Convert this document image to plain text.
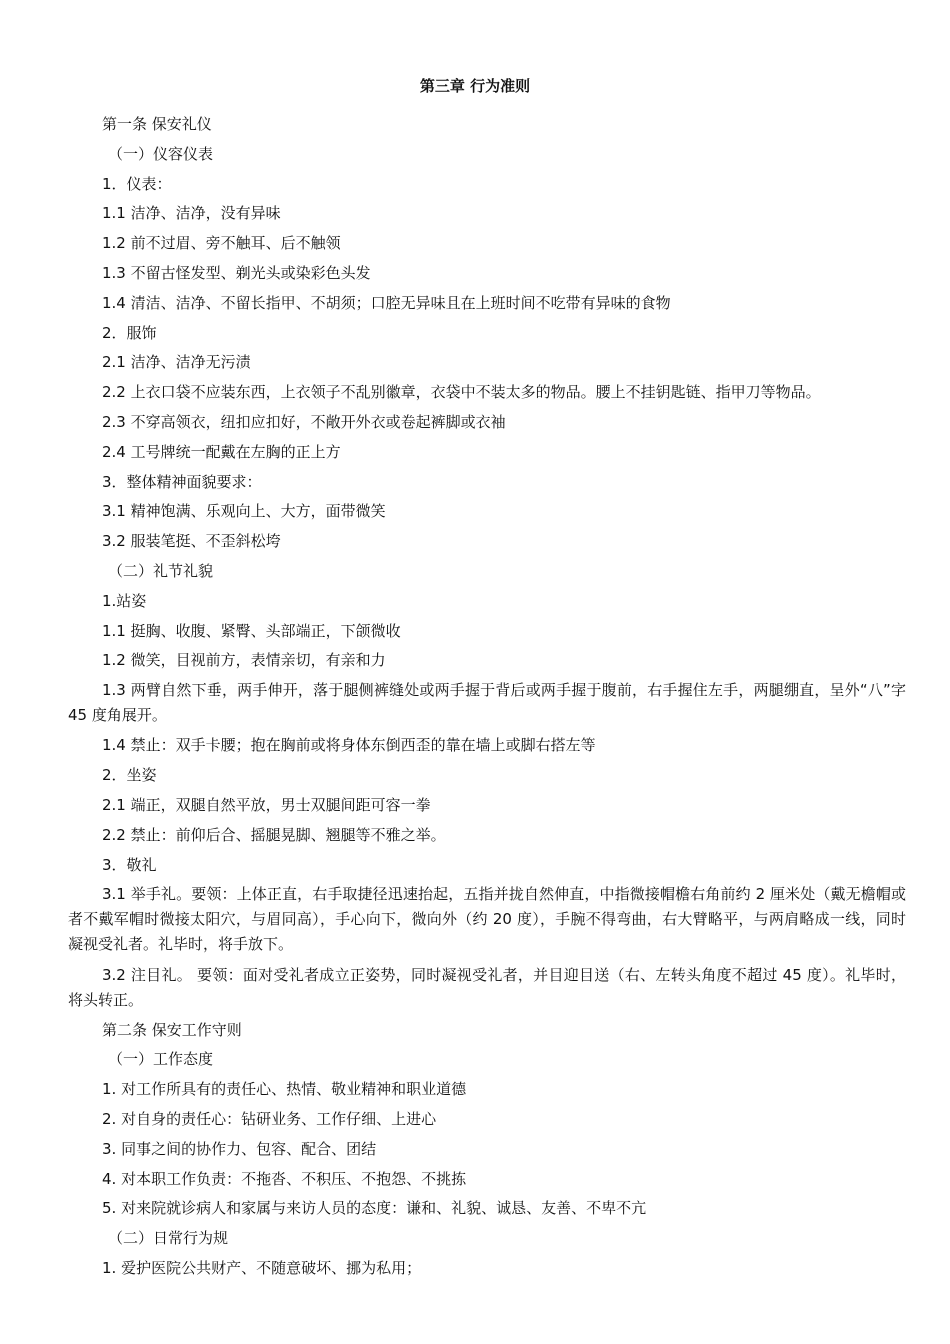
第三章 行为准则
第一条 保安礼仪
（一）仪容仪表
1．仪表：
1.1 洁净、洁净，没有异味
1.2 前不过眉、旁不触耳、后不触领
1.3 不留古怪发型、剃光头或染彩色头发
1.4 清洁、洁净、不留长指甲、不胡须；口腔无异味且在上班时间不吃带有异味的食物
2．服饰
2.1 洁净、洁净无污渍
2.2 上衣口袋不应装东西，上衣领子不乱别徽章，衣袋中不装太多的物品。腰上不挂钥匙链、指甲刀等物品。
2.3 不穿高领衣，纽扣应扣好，不敞开外衣或卷起裤脚或衣袖
2.4 工号牌统一配戴在左胸的正上方
3．整体精神面貌要求：
3.1 精神饱满、乐观向上、大方，面带微笑
3.2 服装笔挺、不歪斜松垮
（二）礼节礼貌
1.站姿
1.1 挺胸、收腹、紧臀、头部端正，下颌微收
1.2 微笑，目视前方，表情亲切，有亲和力
1.3 两臂自然下垂，两手伸开，落于腿侧裤缝处或两手握于背后或两手握于腹前，右手握住左手，两腿绷直，呈外“八”字 45 度角展开。
1.4 禁止：双手卡腰；抱在胸前或将身体东倒西歪的靠在墙上或脚右搭左等
2．坐姿
2.1 端正，双腿自然平放，男士双腿间距可容一拳
2.2 禁止：前仰后合、摇腿晃脚、翘腿等不雅之举。
3．敬礼
3.1 举手礼。要领：上体正直，右手取捷径迅速抬起，五指并拢自然伸直，中指微接帽檐右角前约 2 厘米处（戴无檐帽或者不戴军帽时微接太阳穴，与眉同高），手心向下，微向外（约 20 度），手腕不得弯曲，右大臂略平，与两肩略成一线，同时凝视受礼者。礼毕时，将手放下。
3.2 注目礼。 要领：面对受礼者成立正姿势，同时凝视受礼者，并目迎目送（右、左转头角度不超过 45 度）。礼毕时，将头转正。
第二条 保安工作守则
（一）工作态度
1. 对工作所具有的责任心、热情、敬业精神和职业道德
2. 对自身的责任心：钻研业务、工作仔细、上进心
3. 同事之间的协作力、包容、配合、团结
4. 对本职工作负责：不拖沓、不积压、不抱怨、不挑拣
5. 对来院就诊病人和家属与来访人员的态度：谦和、礼貌、诚恳、友善、不卑不亢
（二）日常行为规
1. 爱护医院公共财产、不随意破坏、挪为私用；
